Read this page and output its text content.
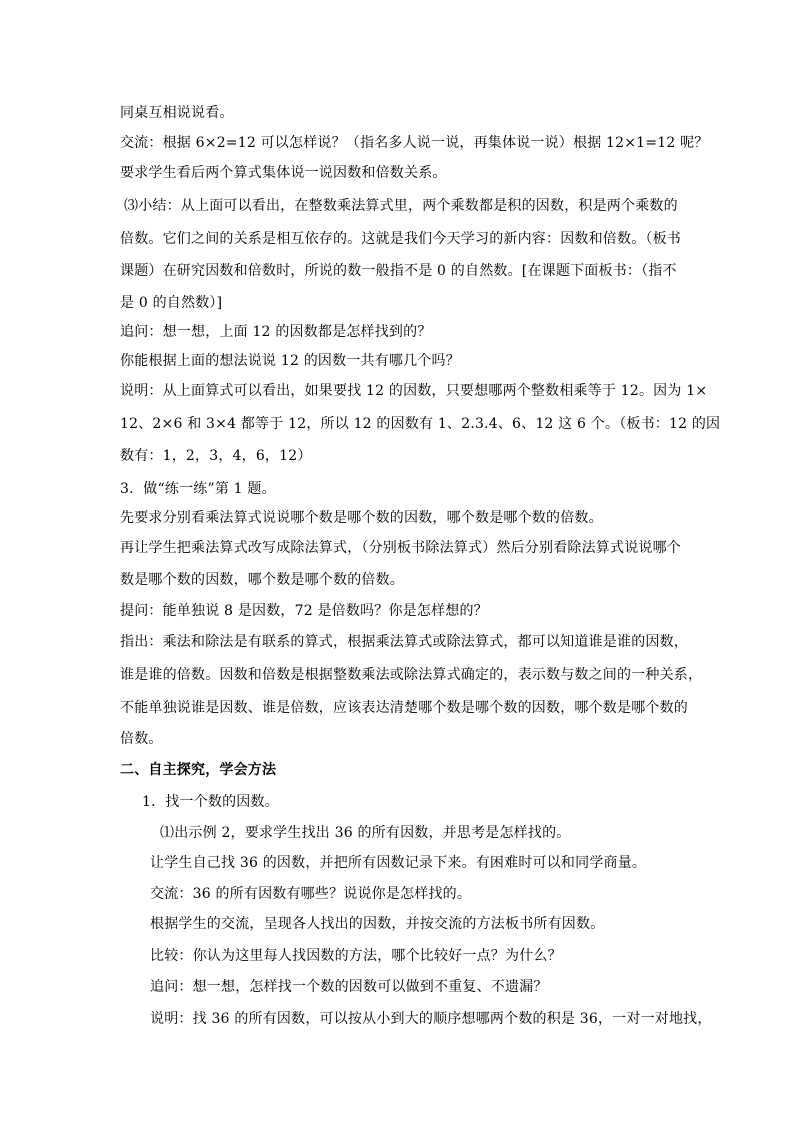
同桌互相说说看。
交流：根据 6×2=12 可以怎样说？（指名多人说一说，再集体说一说）根据 12×1=12 呢？
要求学生看后两个算式集体说一说因数和倍数关系。
⑶小结：从上面可以看出，在整数乘法算式里，两个乘数都是积的因数，积是两个乘数的
倍数。它们之间的关系是相互依存的。这就是我们今天学习的新内容：因数和倍数。（板书
课题）在研究因数和倍数时，所说的数一般指不是 0 的自然数。[在课题下面板书：（指不
是 0 的自然数）]
追问：想一想，上面 12 的因数都是怎样找到的？
你能根据上面的想法说说 12 的因数一共有哪几个吗？
说明：从上面算式可以看出，如果要找 12 的因数，只要想哪两个整数相乘等于 12。因为 1×
12、2×6 和 3×4 都等于 12，所以 12 的因数有 1、2.3.4、6、12 这 6 个。（板书：12 的因
数有：1，2，3，4，6，12）
3．做“练一练”第 1 题。
先要求分别看乘法算式说说哪个数是哪个数的因数，哪个数是哪个数的倍数。
再让学生把乘法算式改写成除法算式，（分别板书除法算式）然后分别看除法算式说说哪个
数是哪个数的因数，哪个数是哪个数的倍数。
提问：能单独说 8 是因数，72 是倍数吗？你是怎样想的？
指出：乘法和除法是有联系的算式，根据乘法算式或除法算式，都可以知道谁是谁的因数，
谁是谁的倍数。因数和倍数是根据整数乘法或除法算式确定的，表示数与数之间的一种关系，
不能单独说谁是因数、谁是倍数，应该表达清楚哪个数是哪个数的因数，哪个数是哪个数的
倍数。
二、自主探究，学会方法
1．找一个数的因数。
⑴出示例 2，要求学生找出 36 的所有因数，并思考是怎样找的。
让学生自己找 36 的因数，并把所有因数记录下来。有困难时可以和同学商量。
交流：36 的所有因数有哪些？说说你是怎样找的。
根据学生的交流，呈现各人找出的因数，并按交流的方法板书所有因数。
比较：你认为这里每人找因数的方法，哪个比较好一点？为什么？
追问：想一想，怎样找一个数的因数可以做到不重复、不遗漏？
说明：找 36 的所有因数，可以按从小到大的顺序想哪两个数的积是 36，一对一对地找，
